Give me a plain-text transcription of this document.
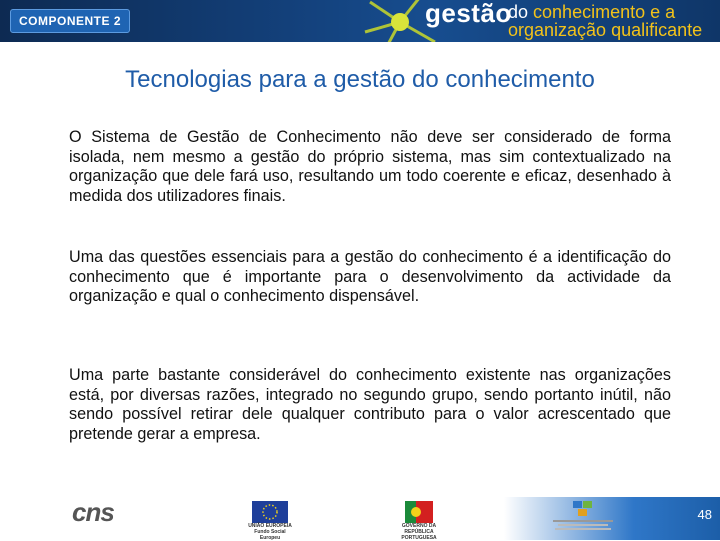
COMPONENTE 2	gestão
do conhecimento e a
organização qualificante
Tecnologias para a gestão do conhecimento
O Sistema de Gestão de Conhecimento não deve ser considerado de forma isolada, nem mesmo a gestão do próprio sistema, mas sim contextualizado na organização que dele fará uso, resultando um todo coerente e eficaz, desenhado à medida dos utilizadores finais.
Uma das questões essenciais para a gestão do conhecimento é a identificação do conhecimento que é importante para o desenvolvimento da actividade da organização e qual o conhecimento dispensável.
Uma parte bastante considerável do conhecimento existente nas organizações está, por diversas razões, integrado no segundo grupo, sendo portanto inútil, não sendo possível retirar dele qualquer contributo para o valor acrescentado que pretende gerar a empresa.
cns	UNIÃO EUROPEIA
Fundo Social Europeu
GOVERNO DA
REPÚBLICA PORTUGUESA
48
